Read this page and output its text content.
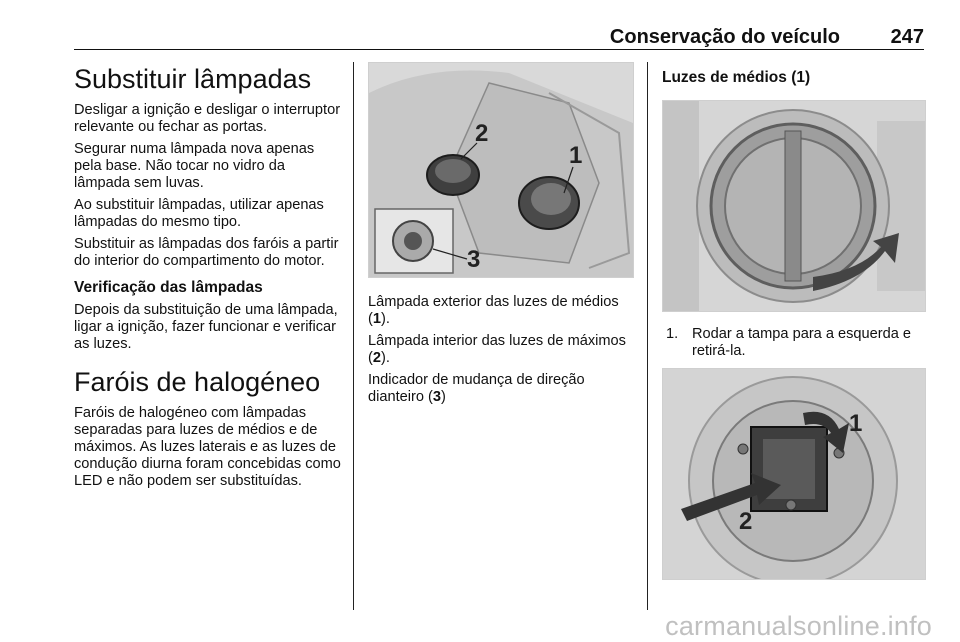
Conservação do veículo	247
Substituir lâmpadas

Desligar a ignição e desligar o interruptor relevante ou fechar as portas.

Segurar numa lâmpada nova apenas pela base. Não tocar no vidro da lâmpada sem luvas.

Ao substituir lâmpadas, utilizar apenas lâmpadas do mesmo tipo.

Substituir as lâmpadas dos faróis a partir do interior do compartimento do motor.

Verificação das lâmpadas

Depois da substituição de uma lâmpada, ligar a ignição, fazer funcionar e verificar as luzes.

Faróis de halogéneo

Faróis de halogéneo com lâmpadas separadas para luzes de médios e de máximos. As luzes laterais e as luzes de condução diurna foram concebidas como LED e não podem ser substituídas.

2
1
3

Lâmpada exterior das luzes de médios (1).

Lâmpada interior das luzes de máximos (2).

Indicador de mudança de direção dianteiro (3)

Luzes de médios (1)
1. Rodar a tampa para a esquerda e retirá-la.
1
2
carmanualsonline.info
